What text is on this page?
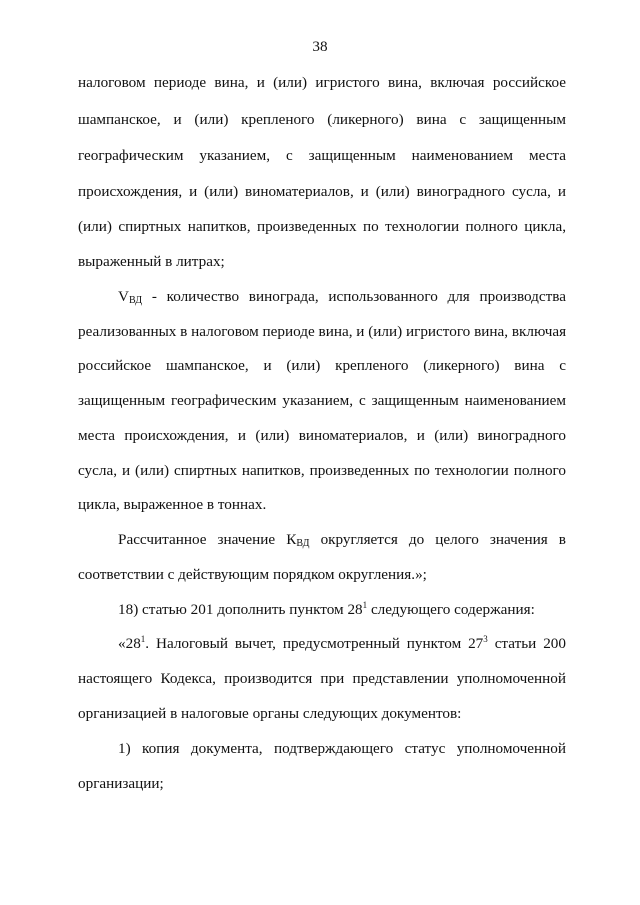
38
налоговом периоде вина, и (или) игристого вина, включая российское
шампанское, и (или) крепленого (ликерного) вина с защищенным
географическим указанием, с защищенным наименованием места
происхождения, и (или) виноматериалов, и (или) виноградного сусла, и
(или) спиртных напитков, произведенных по технологии полного цикла,
выраженный в литрах;
$V_{ВД}$ - количество винограда, использованного для производства
реализованных в налоговом периоде вина, и (или) игристого вина, включая
российское шампанское, и (или) крепленого (ликерного) вина с
защищенным географическим указанием, с защищенным наименованием
места происхождения, и (или) виноматериалов, и (или) виноградного
сусла, и (или) спиртных напитков, произведенных по технологии полного
цикла, выраженное в тоннах.
Рассчитанное значение $К_{ВД}$ округляется до целого значения в
соответствии с действующим порядком округления.»;
18) статью 201 дополнить пунктом $28^1$ следующего содержания:
«$28^1$. Налоговый вычет, предусмотренный пунктом $27^3$ статьи 200
настоящего Кодекса, производится при представлении уполномоченной
организацией в налоговые органы следующих документов:
1) копия документа, подтверждающего статус уполномоченной
организации;
